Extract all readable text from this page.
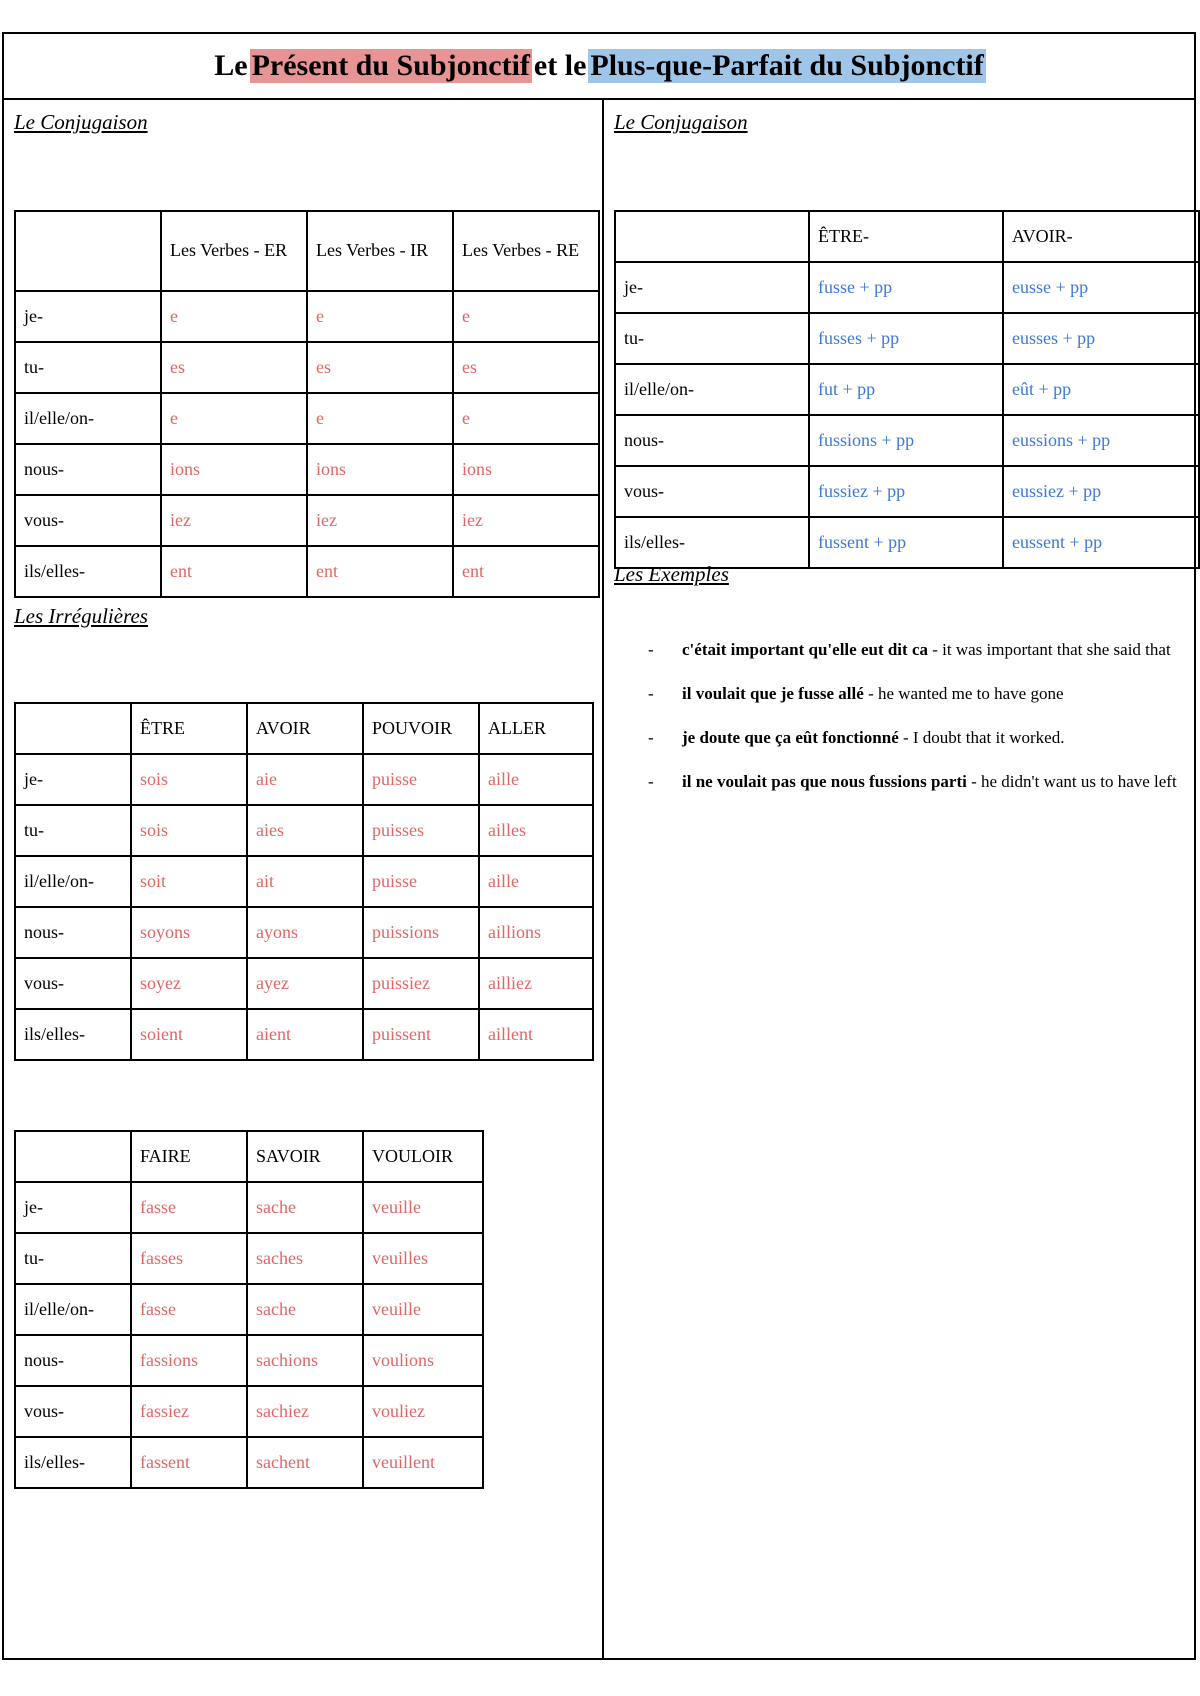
Le Présent du Subjonctif et le Plus-que-Parfait du Subjonctif
Le Conjugaison
	Les Verbes - ER	Les Verbes - IR	Les Verbes - RE
je-	e	e	e
tu-	es	es	es
il/elle/on-	e	e	e
nous-	ions	ions	ions
vous-	iez	iez	iez
ils/elles-	ent	ent	ent
Les Irrégulières
	ÊTRE	AVOIR	POUVOIR	ALLER
je-	sois	aie	puisse	aille
tu-	sois	aies	puisses	ailles
il/elle/on-	soit	ait	puisse	aille
nous-	soyons	ayons	puissions	aillions
vous-	soyez	ayez	puissiez	ailliez
ils/elles-	soient	aient	puissent	aillent
	FAIRE	SAVOIR	VOULOIR
je-	fasse	sache	veuille
tu-	fasses	saches	veuilles
il/elle/on-	fasse	sache	veuille
nous-	fassions	sachions	voulions
vous-	fassiez	sachiez	vouliez
ils/elles-	fassent	sachent	veuillent
Le Conjugaison
	ÊTRE-	AVOIR-
je-	fusse + pp	eusse + pp
tu-	fusses + pp	eusses + pp
il/elle/on-	fut + pp	eût + pp
nous-	fussions + pp	eussions + pp
vous-	fussiez + pp	eussiez + pp
ils/elles-	fussent + pp	eussent + pp
Les Exemples
- c'était important qu'elle eut dit ca - it was important that she said that
- il voulait que je fusse allé - he wanted me to have gone
- je doute que ça eût fonctionné - I doubt that it worked.
- il ne voulait pas que nous fussions parti - he didn't want us to have left
